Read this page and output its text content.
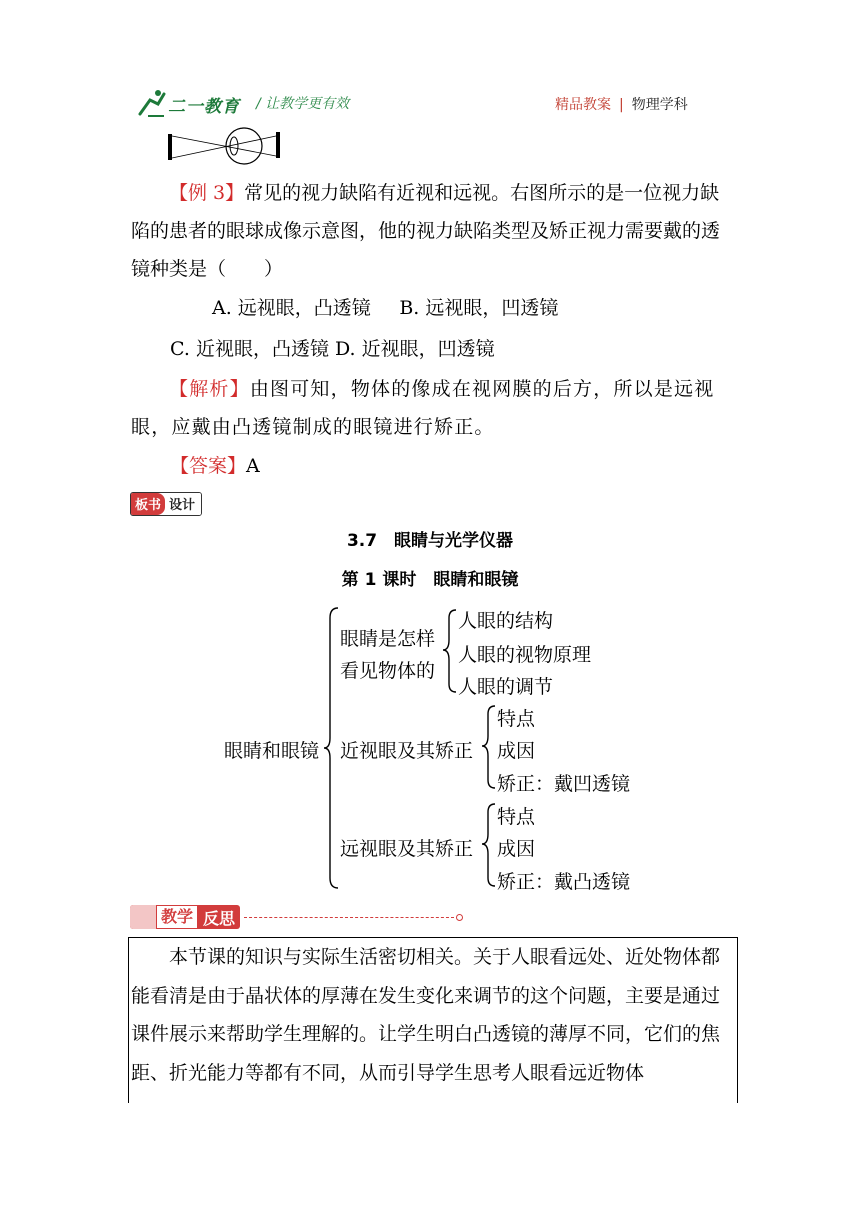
二一教育 / 让教学更有效	精品教案 | 物理学科
【例 3】常见的视力缺陷有近视和远视。右图所示的是一位视力缺陷的患者的眼球成像示意图，他的视力缺陷类型及矫正视力需要戴的透镜种类是（　　）
A. 远视眼，凸透镜   B. 远视眼，凹透镜
C. 近视眼，凸透镜 D. 近视眼，凹透镜
【解析】由图可知，物体的像成在视网膜的后方，所以是远视眼，应戴由凸透镜制成的眼镜进行矫正。
【答案】A
板书 设计
3.7　眼睛与光学仪器
第 1 课时　眼睛和眼镜
眼睛和眼镜
眼睛是怎样
看见物体的
人眼的结构
人眼的视物原理
人眼的调节
近视眼及其矫正
特点
成因
矫正：戴凹透镜
远视眼及其矫正
特点
成因
矫正：戴凸透镜
教学 反思
本节课的知识与实际生活密切相关。关于人眼看远处、近处物体都能看清是由于晶状体的厚薄在发生变化来调节的这个问题，主要是通过课件展示来帮助学生理解的。让学生明白凸透镜的薄厚不同，它们的焦距、折光能力等都有不同，从而引导学生思考人眼看远近物体
